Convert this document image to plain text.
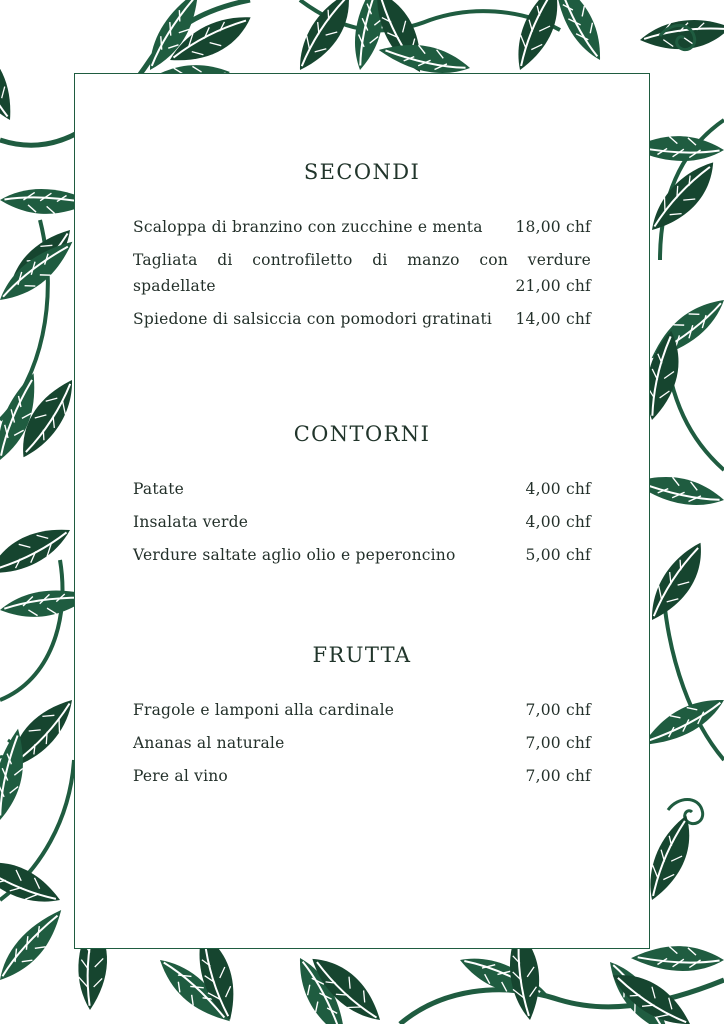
SECONDI
Scaloppa di branzino con zucchine e menta	18,00 chf
Tagliata di controfiletto di manzo con verdure spadellate	21,00 chf
Spiedone di salsiccia con pomodori gratinati	14,00 chf
CONTORNI
Patate	4,00 chf
Insalata verde	4,00 chf
Verdure saltate aglio olio e peperoncino	5,00 chf
FRUTTA
Fragole e lamponi alla cardinale	7,00 chf
Ananas al naturale	7,00 chf
Pere al vino	7,00 chf
